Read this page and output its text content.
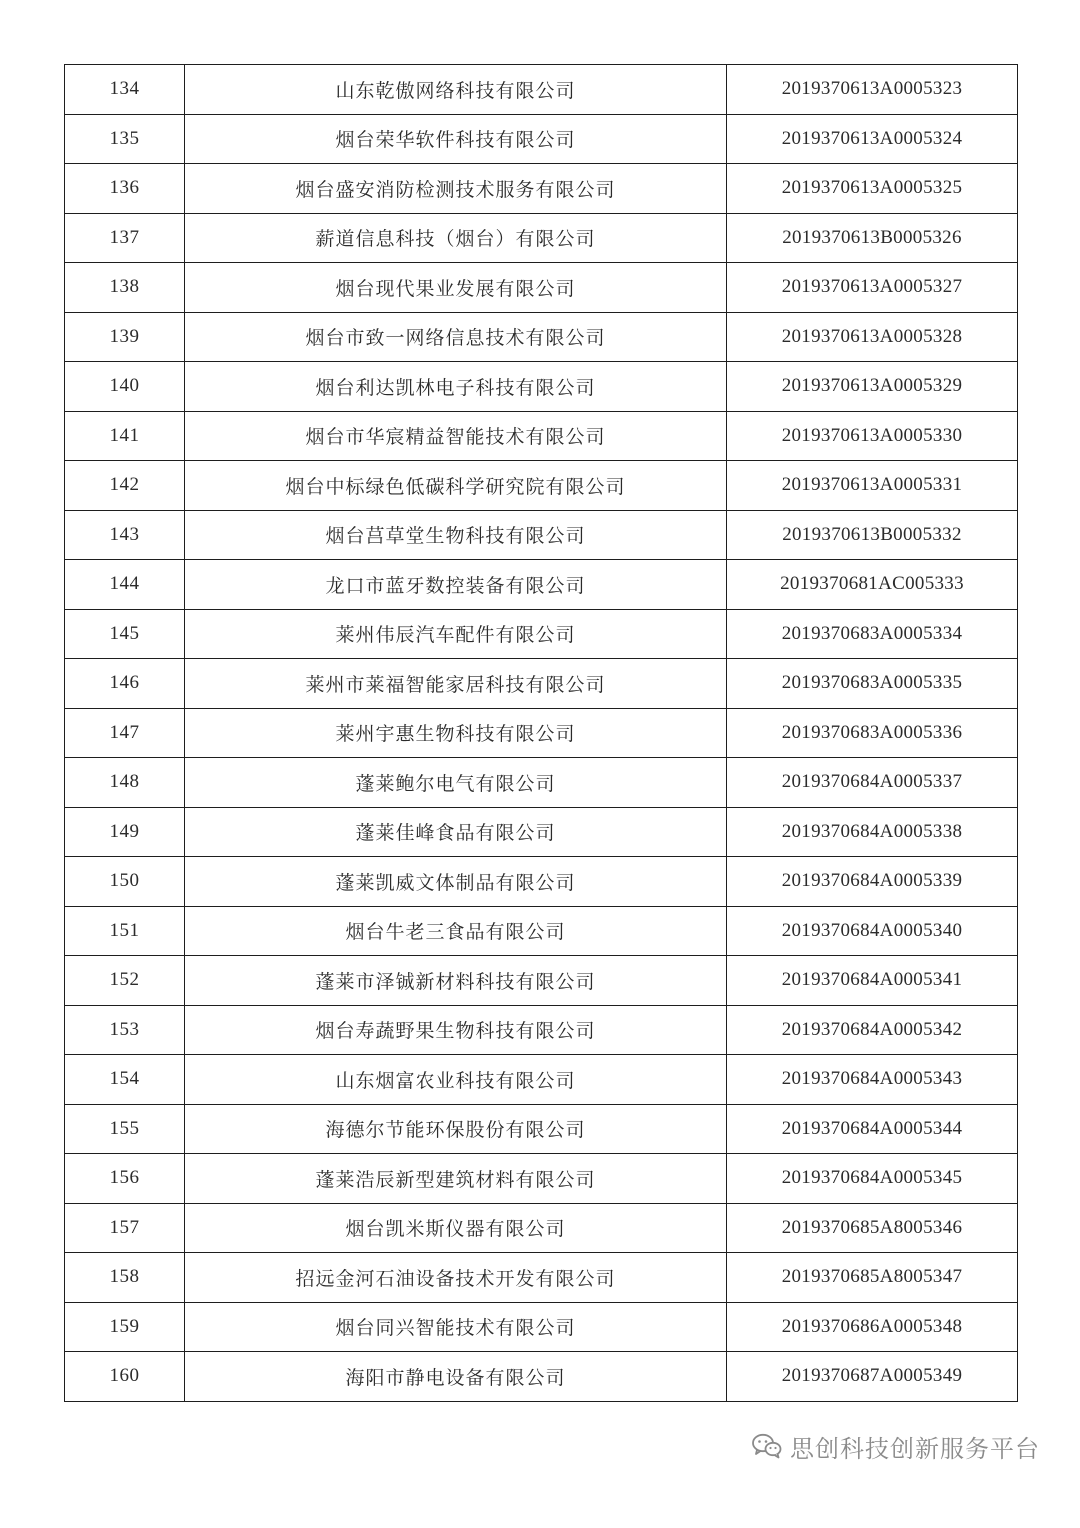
134	山东乾傲网络科技有限公司	2019370613A0005323
135	烟台荣华软件科技有限公司	2019370613A0005324
136	烟台盛安消防检测技术服务有限公司	2019370613A0005325
137	薪道信息科技（烟台）有限公司	2019370613B0005326
138	烟台现代果业发展有限公司	2019370613A0005327
139	烟台市致一网络信息技术有限公司	2019370613A0005328
140	烟台利达凯林电子科技有限公司	2019370613A0005329
141	烟台市华宸精益智能技术有限公司	2019370613A0005330
142	烟台中标绿色低碳科学研究院有限公司	2019370613A0005331
143	烟台莒草堂生物科技有限公司	2019370613B0005332
144	龙口市蓝牙数控装备有限公司	2019370681AC005333
145	莱州伟辰汽车配件有限公司	2019370683A0005334
146	莱州市莱福智能家居科技有限公司	2019370683A0005335
147	莱州宇惠生物科技有限公司	2019370683A0005336
148	蓬莱鲍尔电气有限公司	2019370684A0005337
149	蓬莱佳峰食品有限公司	2019370684A0005338
150	蓬莱凯威文体制品有限公司	2019370684A0005339
151	烟台牛老三食品有限公司	2019370684A0005340
152	蓬莱市泽铖新材料科技有限公司	2019370684A0005341
153	烟台寿蔬野果生物科技有限公司	2019370684A0005342
154	山东烟富农业科技有限公司	2019370684A0005343
155	海德尔节能环保股份有限公司	2019370684A0005344
156	蓬莱浩辰新型建筑材料有限公司	2019370684A0005345
157	烟台凯米斯仪器有限公司	2019370685A8005346
158	招远金河石油设备技术开发有限公司	2019370685A8005347
159	烟台同兴智能技术有限公司	2019370686A0005348
160	海阳市静电设备有限公司	2019370687A0005349
思创科技创新服务平台
